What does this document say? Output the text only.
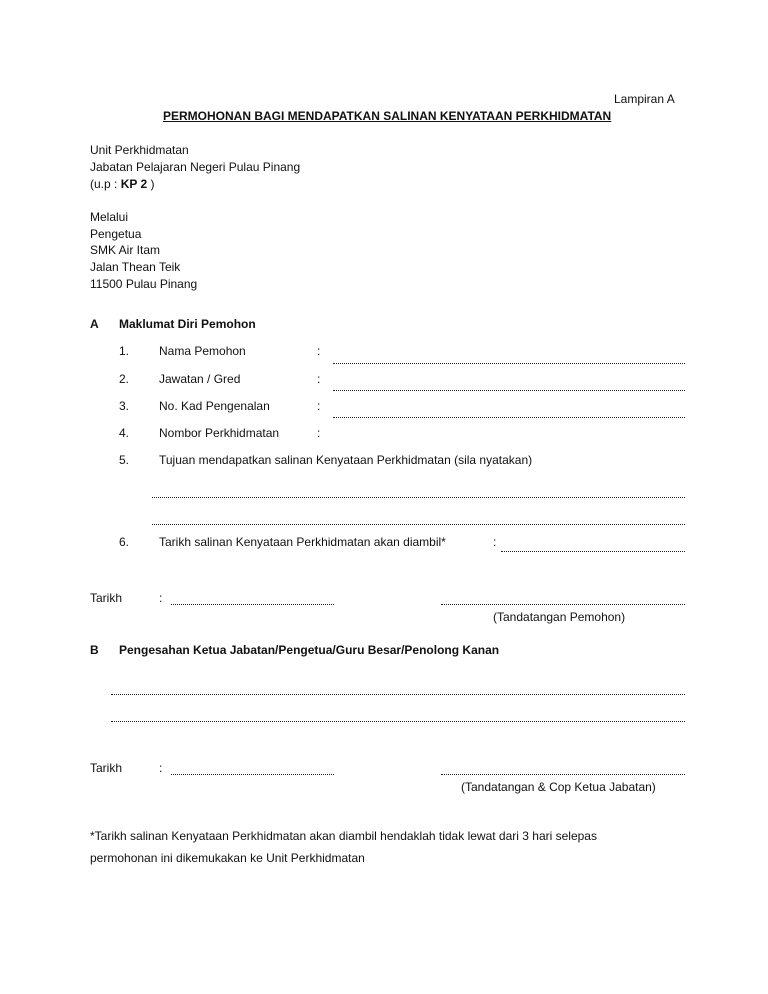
Lampiran A
PERMOHONAN BAGI MENDAPATKAN SALINAN KENYATAAN PERKHIDMATAN
Unit Perkhidmatan
Jabatan Pelajaran Negeri Pulau Pinang
(u.p : KP 2 )
Melalui
Pengetua
SMK Air Itam
Jalan Thean Teik
11500 Pulau Pinang
A Maklumat Diri Pemohon
1. Nama Pemohon	:
2. Jawatan / Gred	:
3. No. Kad Pengenalan	:
4. Nombor Perkhidmatan	:
5. Tujuan mendapatkan salinan Kenyataan Perkhidmatan (sila nyatakan)
6. Tarikh salinan Kenyataan Perkhidmatan akan diambil*	:
Tarikh	:
(Tandatangan Pemohon)
B Pengesahan Ketua Jabatan/Pengetua/Guru Besar/Penolong Kanan
Tarikh	:
(Tandatangan & Cop Ketua Jabatan)
*Tarikh salinan Kenyataan Perkhidmatan akan diambil hendaklah tidak lewat dari 3 hari selepas
permohonan ini dikemukakan ke Unit Perkhidmatan
